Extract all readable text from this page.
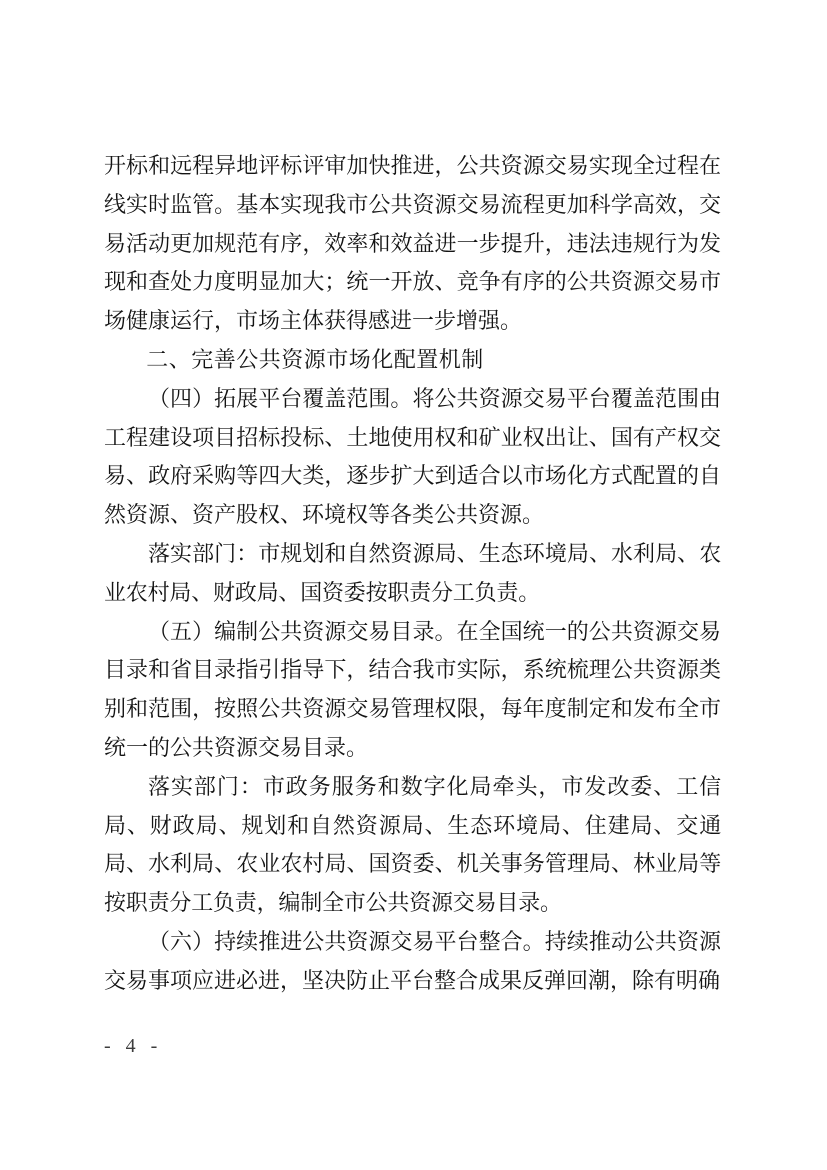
开标和远程异地评标评审加快推进，公共资源交易实现全过程在线实时监管。基本实现我市公共资源交易流程更加科学高效，交易活动更加规范有序，效率和效益进一步提升，违法违规行为发现和查处力度明显加大；统一开放、竞争有序的公共资源交易市场健康运行，市场主体获得感进一步增强。

二、完善公共资源市场化配置机制

（四）拓展平台覆盖范围。将公共资源交易平台覆盖范围由工程建设项目招标投标、土地使用权和矿业权出让、国有产权交易、政府采购等四大类，逐步扩大到适合以市场化方式配置的自然资源、资产股权、环境权等各类公共资源。

落实部门：市规划和自然资源局、生态环境局、水利局、农业农村局、财政局、国资委按职责分工负责。

（五）编制公共资源交易目录。在全国统一的公共资源交易目录和省目录指引指导下，结合我市实际，系统梳理公共资源类别和范围，按照公共资源交易管理权限，每年度制定和发布全市统一的公共资源交易目录。

落实部门：市政务服务和数字化局牵头，市发改委、工信局、财政局、规划和自然资源局、生态环境局、住建局、交通局、水利局、农业农村局、国资委、机关事务管理局、林业局等按职责分工负责，编制全市公共资源交易目录。

（六）持续推进公共资源交易平台整合。持续推动公共资源交易事项应进必进，坚决防止平台整合成果反弹回潮，除有明确

- 4 -
